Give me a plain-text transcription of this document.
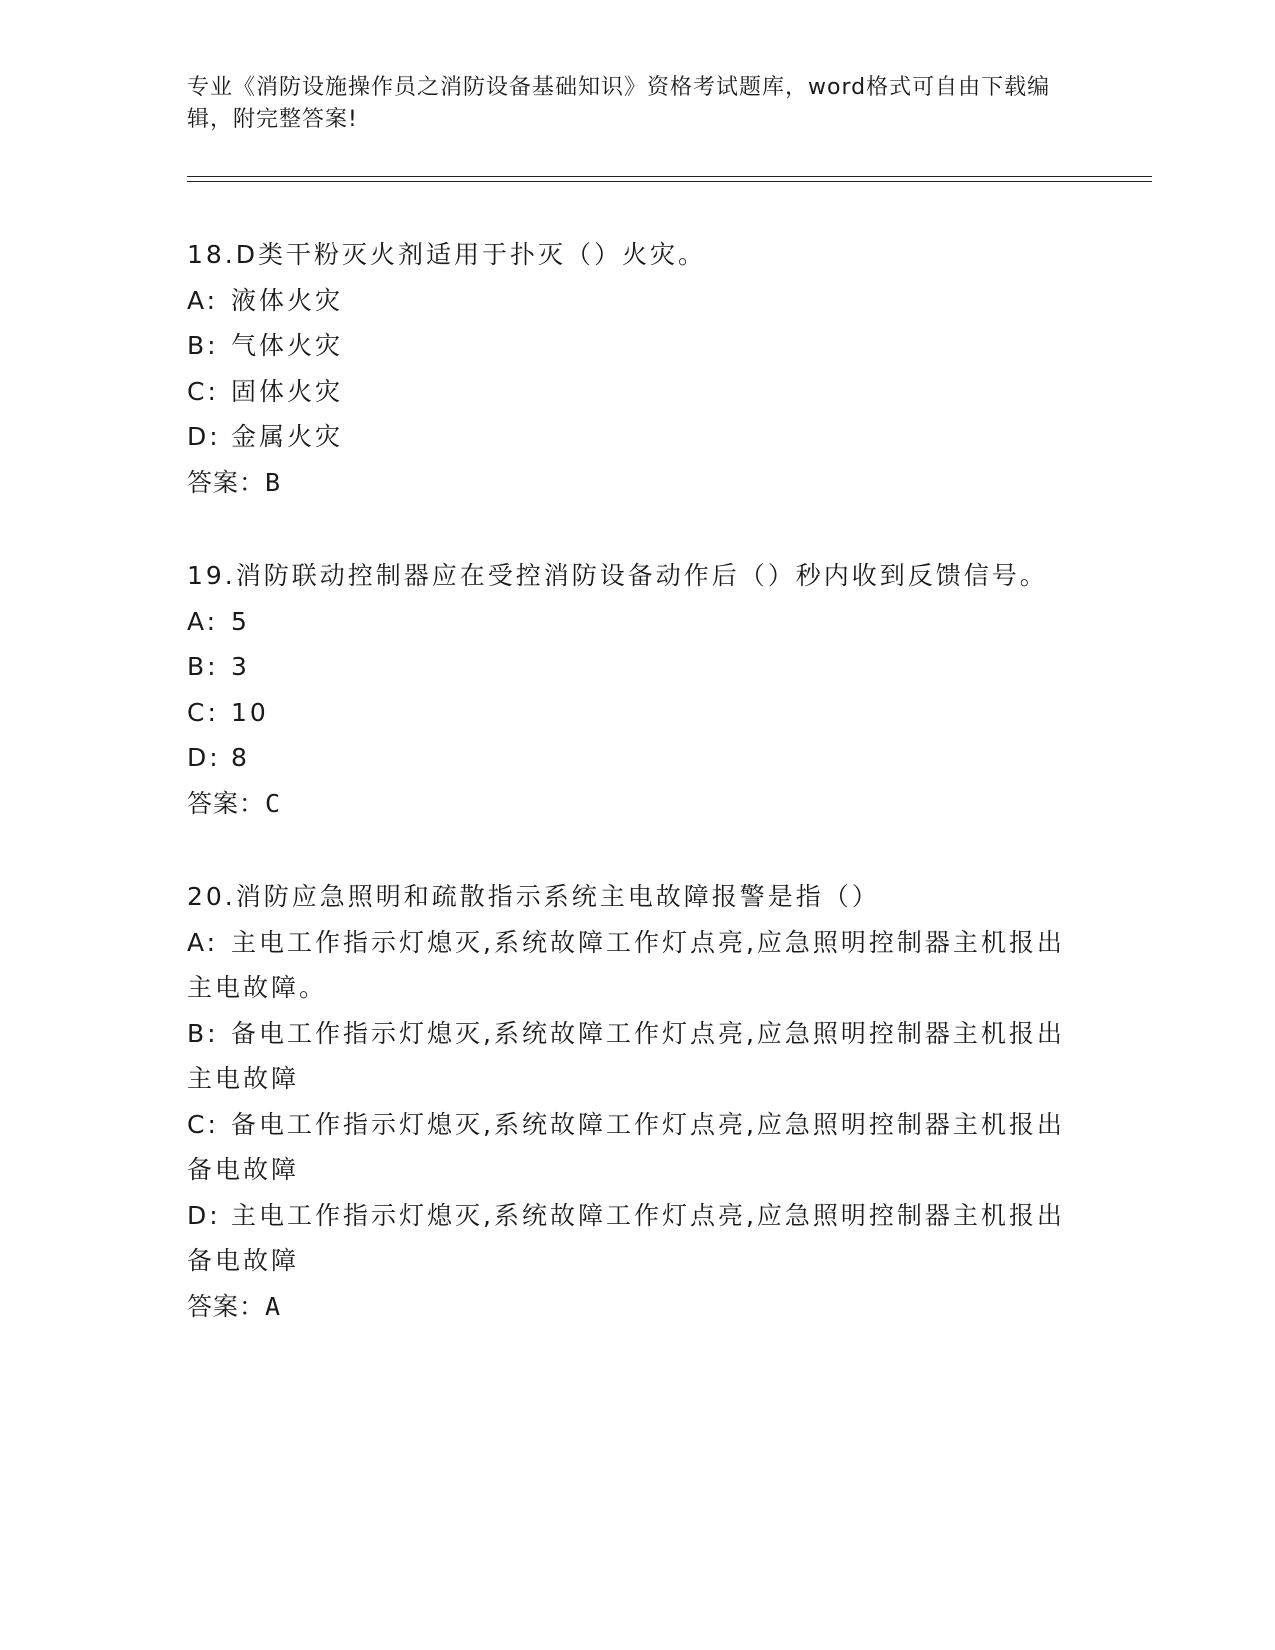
专业《消防设施操作员之消防设备基础知识》资格考试题库，word格式可自由下载编辑，附完整答案!
18.D类干粉灭火剂适用于扑灭（）火灾。
A: 液体火灾
B: 气体火灾
C: 固体火灾
D: 金属火灾
答案：B
19.消防联动控制器应在受控消防设备动作后（）秒内收到反馈信号。
A: 5
B: 3
C: 10
D: 8
答案：C
20.消防应急照明和疏散指示系统主电故障报警是指（）
A: 主电工作指示灯熄灭,系统故障工作灯点亮,应急照明控制器主机报出主电故障。
B: 备电工作指示灯熄灭,系统故障工作灯点亮,应急照明控制器主机报出主电故障
C: 备电工作指示灯熄灭,系统故障工作灯点亮,应急照明控制器主机报出备电故障
D: 主电工作指示灯熄灭,系统故障工作灯点亮,应急照明控制器主机报出备电故障
答案：A
